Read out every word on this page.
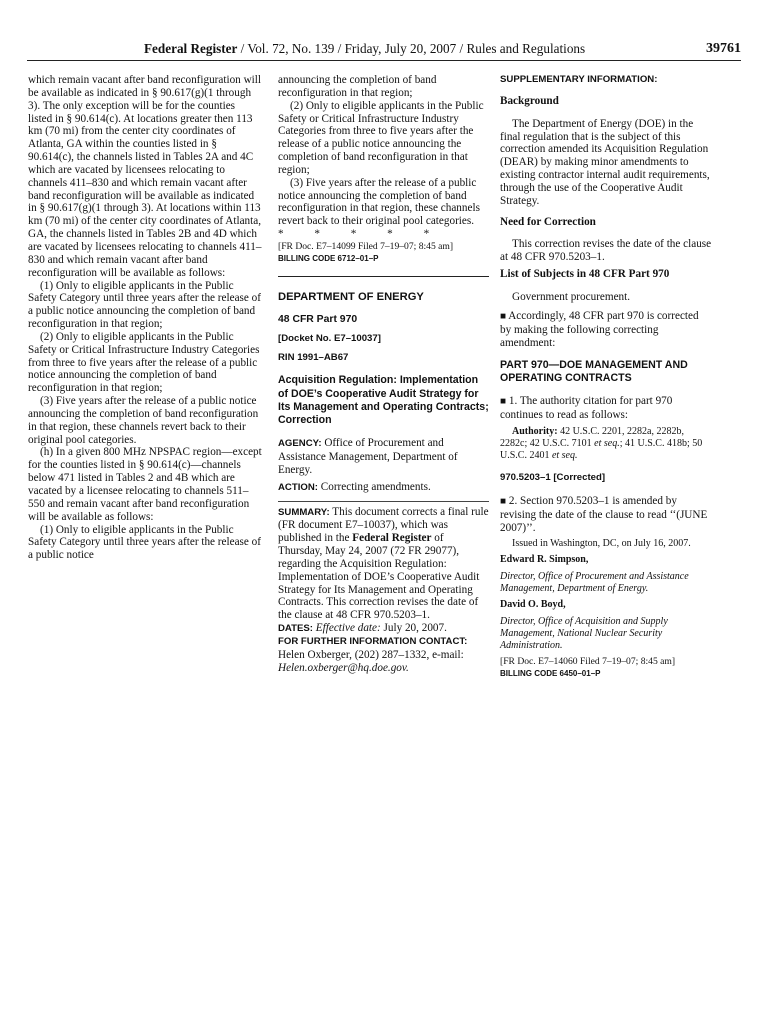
Federal Register / Vol. 72, No. 139 / Friday, July 20, 2007 / Rules and Regulations	39761

which remain vacant after band reconfiguration will be available as indicated in § 90.617(g)(1 through 3). The only exception will be for the counties listed in § 90.614(c). At locations greater then 113 km (70 mi) from the center city coordinates of Atlanta, GA within the counties listed in § 90.614(c), the channels listed in Tables 2A and 4C which are vacated by licensees relocating to channels 411–830 and which remain vacant after band reconfiguration will be available as indicated in § 90.617(g)(1 through 3). At locations within 113 km (70 mi) of the center city coordinates of Atlanta, GA, the channels listed in Tables 2B and 4D which are vacated by licensees relocating to channels 411–830 and which remain vacant after band reconfiguration will be available as follows:

(1) Only to eligible applicants in the Public Safety Category until three years after the release of a public notice announcing the completion of band reconfiguration in that region;

(2) Only to eligible applicants in the Public Safety or Critical Infrastructure Industry Categories from three to five years after the release of a public notice announcing the completion of band reconfiguration in that region;

(3) Five years after the release of a public notice announcing the completion of band reconfiguration in that region, these channels revert back to their original pool categories.

(h) In a given 800 MHz NPSPAC region—except for the counties listed in § 90.614(c)—channels below 471 listed in Tables 2 and 4B which are vacated by a licensee relocating to channels 511–550 and remain vacant after band reconfiguration will be available as follows:

(1) Only to eligible applicants in the Public Safety Category until three years after the release of a public notice

announcing the completion of band reconfiguration in that region;

(2) Only to eligible applicants in the Public Safety or Critical Infrastructure Industry Categories from three to five years after the release of a public notice announcing the completion of band reconfiguration in that region;

(3) Five years after the release of a public notice announcing the completion of band reconfiguration in that region, these channels revert back to their original pool categories.

* * * * *

[FR Doc. E7–14099 Filed 7–19–07; 8:45 am]

BILLING CODE 6712–01–P

DEPARTMENT OF ENERGY

48 CFR Part 970

[Docket No. E7–10037]

RIN 1991–AB67

Acquisition Regulation: Implementation of DOE’s Cooperative Audit Strategy for Its Management and Operating Contracts; Correction

AGENCY: Office of Procurement and Assistance Management, Department of Energy.

ACTION: Correcting amendments.

SUMMARY: This document corrects a final rule (FR document E7–10037), which was published in the Federal Register of Thursday, May 24, 2007 (72 FR 29077), regarding the Acquisition Regulation: Implementation of DOE’s Cooperative Audit Strategy for Its Management and Operating Contracts. This correction revises the date of the clause at 48 CFR 970.5203–1.

DATES: Effective date: July 20, 2007.

FOR FURTHER INFORMATION CONTACT:

Helen Oxberger, (202) 287–1332, e-mail: Helen.oxberger@hq.doe.gov.

SUPPLEMENTARY INFORMATION:

Background

The Department of Energy (DOE) in the final regulation that is the subject of this correction amended its Acquisition Regulation (DEAR) by making minor amendments to existing contractor internal audit requirements, through the use of the Cooperative Audit Strategy.

Need for Correction

This correction revises the date of the clause at 48 CFR 970.5203–1.

List of Subjects in 48 CFR Part 970

Government procurement.

■ Accordingly, 48 CFR part 970 is corrected by making the following correcting amendment:

PART 970—DOE MANAGEMENT AND OPERATING CONTRACTS

■ 1. The authority citation for part 970 continues to read as follows:

Authority: 42 U.S.C. 2201, 2282a, 2282b, 2282c; 42 U.S.C. 7101 et seq.; 41 U.S.C. 418b; 50 U.S.C. 2401 et seq.

970.5203–1 [Corrected]

■ 2. Section 970.5203–1 is amended by revising the date of the clause to read ‘‘(JUNE 2007)’’.

Issued in Washington, DC, on July 16, 2007.

Edward R. Simpson,

Director, Office of Procurement and Assistance Management, Department of Energy.

David O. Boyd,

Director, Office of Acquisition and Supply Management, National Nuclear Security Administration.

[FR Doc. E7–14060 Filed 7–19–07; 8:45 am]

BILLING CODE 6450–01–P
